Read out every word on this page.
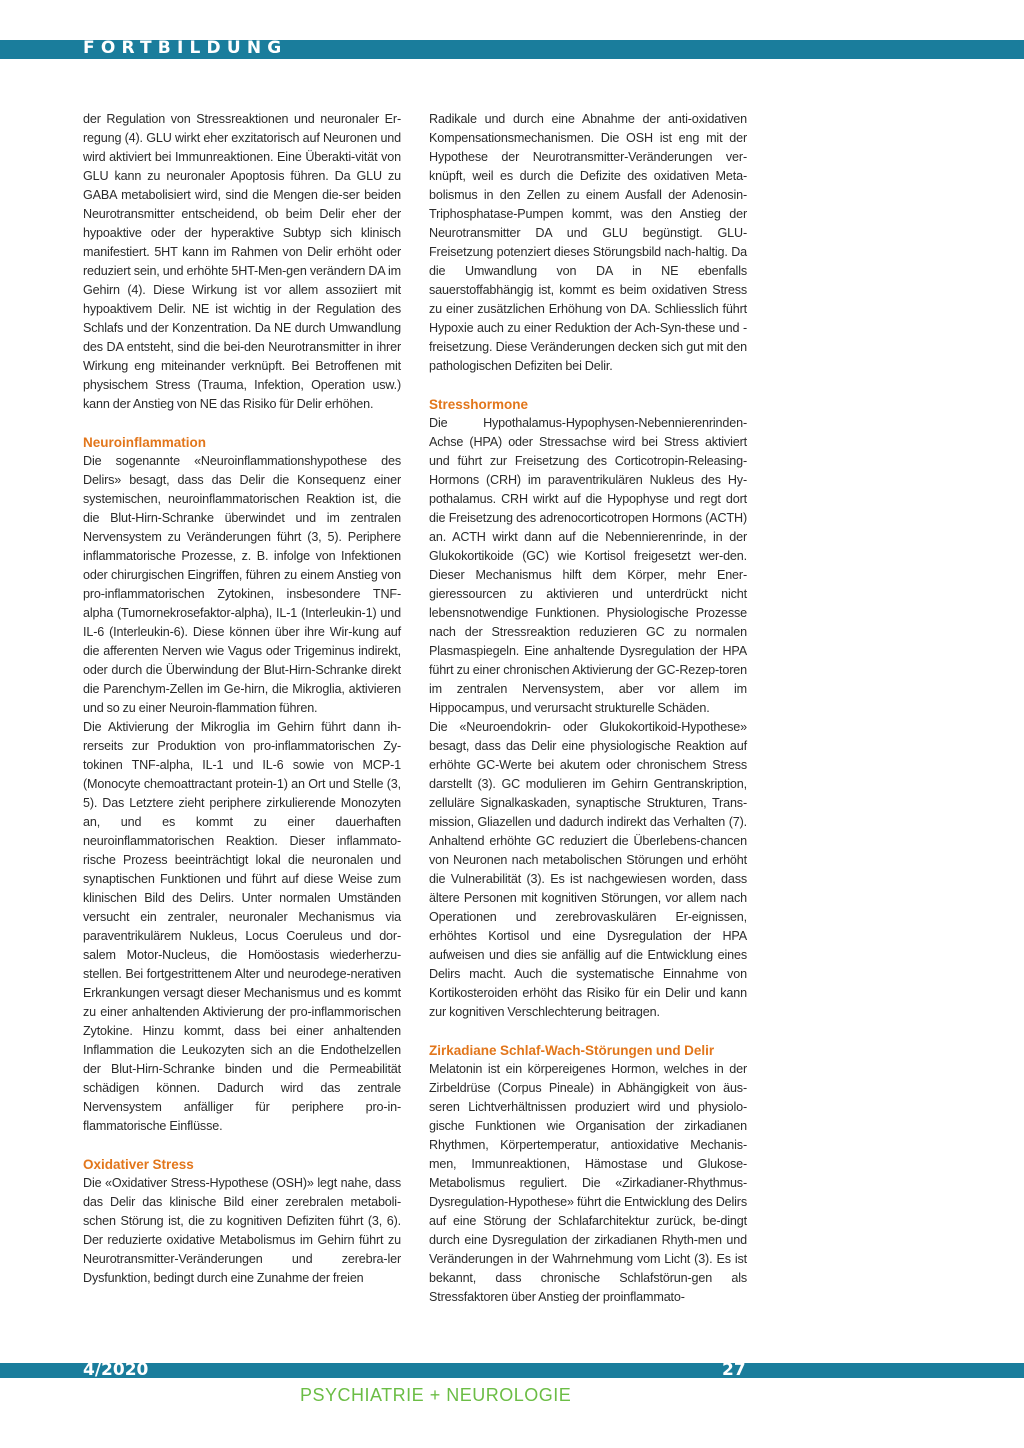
FORTBILDUNG

der Regulation von Stressreaktionen und neuronaler Er-regung (4). GLU wirkt eher exzitatorisch auf Neuronen und wird aktiviert bei Immunreaktionen. Eine Überakti-vität von GLU kann zu neuronaler Apoptosis führen. Da GLU zu GABA metabolisiert wird, sind die Mengen die-ser beiden Neurotransmitter entscheidend, ob beim Delir eher der hypoaktive oder der hyperaktive Subtyp sich klinisch manifestiert. 5HT kann im Rahmen von Delir erhöht oder reduziert sein, und erhöhte 5HT-Men-gen verändern DA im Gehirn (4). Diese Wirkung ist vor allem assoziiert mit hypoaktivem Delir. NE ist wichtig in der Regulation des Schlafs und der Konzentration. Da NE durch Umwandlung des DA entsteht, sind die bei-den Neurotransmitter in ihrer Wirkung eng miteinander verknüpft. Bei Betroffenen mit physischem Stress (Trauma, Infektion, Operation usw.) kann der Anstieg von NE das Risiko für Delir erhöhen.

Neuroinflammation

Die sogenannte «Neuroinflammationshypothese des Delirs» besagt, dass das Delir die Konsequenz einer systemischen, neuroinflammatorischen Reaktion ist, die die Blut-Hirn-Schranke überwindet und im zentralen Nervensystem zu Veränderungen führt (3, 5). Periphere inflammatorische Prozesse, z. B. infolge von Infektionen oder chirurgischen Eingriffen, führen zu einem Anstieg von pro-inflammatorischen Zytokinen, insbesondere TNF-alpha (Tumornekrosefaktor-alpha), IL-1 (Interleukin-1) und IL-6 (Interleukin-6). Diese können über ihre Wir-kung auf die afferenten Nerven wie Vagus oder Trigeminus indirekt, oder durch die Überwindung der Blut-Hirn-Schranke direkt die Parenchym-Zellen im Ge-hirn, die Mikroglia, aktivieren und so zu einer Neuroin-flammation führen.

Die Aktivierung der Mikroglia im Gehirn führt dann ih-rerseits zur Produktion von pro-inflammatorischen Zy-tokinen TNF-alpha, IL-1 und IL-6 sowie von MCP-1 (Monocyte chemoattractant protein-1) an Ort und Stelle (3, 5). Das Letztere zieht periphere zirkulierende Monozyten an, und es kommt zu einer dauerhaften neuroinflammatorischen Reaktion. Dieser inflammato-rische Prozess beeinträchtigt lokal die neuronalen und synaptischen Funktionen und führt auf diese Weise zum klinischen Bild des Delirs. Unter normalen Umständen versucht ein zentraler, neuronaler Mechanismus via paraventrikulärem Nukleus, Locus Coeruleus und dor-salem Motor-Nucleus, die Homöostasis wiederherzu-stellen. Bei fortgestrittenem Alter und neurodege-nerativen Erkrankungen versagt dieser Mechanismus und es kommt zu einer anhaltenden Aktivierung der pro-inflammorischen Zytokine. Hinzu kommt, dass bei einer anhaltenden Inflammation die Leukozyten sich an die Endothelzellen der Blut-Hirn-Schranke binden und die Permeabilität schädigen können. Dadurch wird das zentrale Nervensystem anfälliger für periphere pro-in-flammatorische Einflüsse.

Oxidativer Stress

Die «Oxidativer Stress-Hypothese (OSH)» legt nahe, dass das Delir das klinische Bild einer zerebralen metaboli-schen Störung ist, die zu kognitiven Defiziten führt (3, 6). Der reduzierte oxidative Metabolismus im Gehirn führt zu Neurotransmitter-Veränderungen und zerebra-ler Dysfunktion, bedingt durch eine Zunahme der freien

Radikale und durch eine Abnahme der anti-oxidativen Kompensationsmechanismen. Die OSH ist eng mit der Hypothese der Neurotransmitter-Veränderungen ver-knüpft, weil es durch die Defizite des oxidativen Meta-bolismus in den Zellen zu einem Ausfall der Adenosin-Triphosphatase-Pumpen kommt, was den Anstieg der Neurotransmitter DA und GLU begünstigt. GLU-Freisetzung potenziert dieses Störungsbild nach-haltig. Da die Umwandlung von DA in NE ebenfalls sauerstoffabhängig ist, kommt es beim oxidativen Stress zu einer zusätzlichen Erhöhung von DA. Schliesslich führt Hypoxie auch zu einer Reduktion der Ach-Syn-these und -freisetzung. Diese Veränderungen decken sich gut mit den pathologischen Defiziten bei Delir.

Stresshormone

Die Hypothalamus-Hypophysen-Nebennierenrinden-Achse (HPA) oder Stressachse wird bei Stress aktiviert und führt zur Freisetzung des Corticotropin-Releasing-Hormons (CRH) im paraventrikulären Nukleus des Hy-pothalamus. CRH wirkt auf die Hypophyse und regt dort die Freisetzung des adrenocorticotropen Hormons (ACTH) an. ACTH wirkt dann auf die Nebennierenrinde, in der Glukokortikoide (GC) wie Kortisol freigesetzt wer-den. Dieser Mechanismus hilft dem Körper, mehr Ener-gieressourcen zu aktivieren und unterdrückt nicht lebensnotwendige Funktionen. Physiologische Prozesse nach der Stressreaktion reduzieren GC zu normalen Plasmaspiegeln. Eine anhaltende Dysregulation der HPA führt zu einer chronischen Aktivierung der GC-Rezep-toren im zentralen Nervensystem, aber vor allem im Hippocampus, und verursacht strukturelle Schäden.

Die «Neuroendokrin- oder Glukokortikoid-Hypothese» besagt, dass das Delir eine physiologische Reaktion auf erhöhte GC-Werte bei akutem oder chronischem Stress darstellt (3). GC modulieren im Gehirn Gentranskription, zelluläre Signalkaskaden, synaptische Strukturen, Trans-mission, Gliazellen und dadurch indirekt das Verhalten (7). Anhaltend erhöhte GC reduziert die Überlebens-chancen von Neuronen nach metabolischen Störungen und erhöht die Vulnerabilität (3). Es ist nachgewiesen worden, dass ältere Personen mit kognitiven Störungen, vor allem nach Operationen und zerebrovaskulären Er-eignissen, erhöhtes Kortisol und eine Dysregulation der HPA aufweisen und dies sie anfällig auf die Entwicklung eines Delirs macht. Auch die systematische Einnahme von Kortikosteroiden erhöht das Risiko für ein Delir und kann zur kognitiven Verschlechterung beitragen.

Zirkadiane Schlaf-Wach-Störungen und Delir

Melatonin ist ein körpereigenes Hormon, welches in der Zirbeldrüse (Corpus Pineale) in Abhängigkeit von äus-seren Lichtverhältnissen produziert wird und physiolo-gische Funktionen wie Organisation der zirkadianen Rhythmen, Körpertemperatur, antioxidative Mechanis-men, Immunreaktionen, Hämostase und Glukose-Metabolismus reguliert. Die «Zirkadianer-Rhythmus-Dysregulation-Hypothese» führt die Entwicklung des Delirs auf eine Störung der Schlafarchitektur zurück, be-dingt durch eine Dysregulation der zirkadianen Rhyth-men und Veränderungen in der Wahrnehmung vom Licht (3). Es ist bekannt, dass chronische Schlafstörun-gen als Stressfaktoren über Anstieg der proinflammato-

4/2020	27
PSYCHIATRIE + NEUROLOGIE
